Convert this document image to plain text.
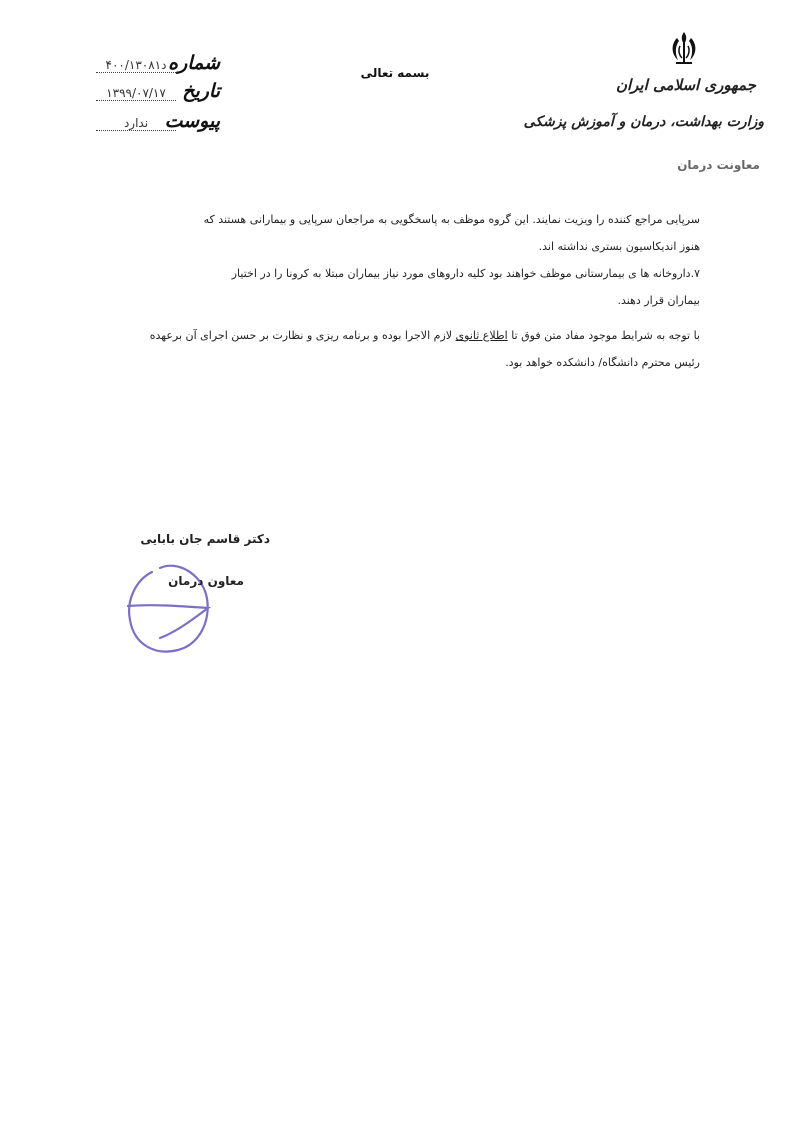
شماره
د۴۰۰/۱۳۰۸۱
تاریخ
۱۳۹۹/۰۷/۱۷
پیوست
ندارد
بسمه تعالی
جمهوری اسلامی ایران
وزارت بهداشت، درمان و آموزش پزشکی
معاونت درمان

سرپایی مراجع کننده را ویزیت نمایند. این گروه موظف به پاسخگویی به مراجعان سرپایی و بیمارانی هستند که

هنوز اندیکاسیون بستری نداشته اند.

۷.داروخانه ها ی بیمارستانی موظف خواهند بود کلیه داروهای مورد نیاز بیماران مبتلا به کرونا را در اختیار

بیماران قرار دهند.

با توجه به شرایط موجود مفاد متن فوق تا اطلاع ثانوی لازم الاجرا بوده و برنامه ریزی و نظارت بر حسن اجرای آن برعهده

رئیس محترم دانشگاه/ دانشکده خواهد بود.

دکتر قاسم جان بابایی
معاون درمان
